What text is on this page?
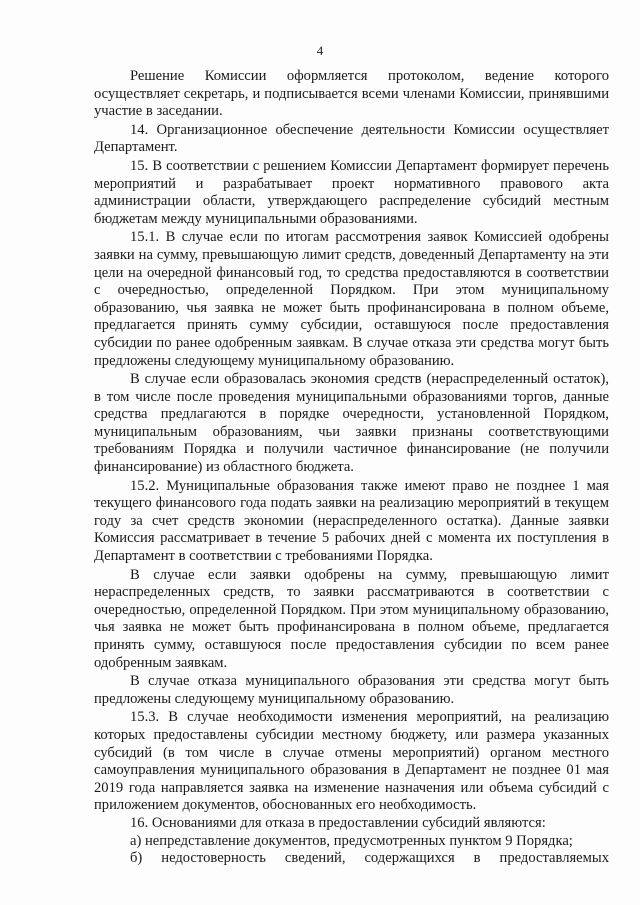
4

Решение Комиссии оформляется протоколом, ведение которого осуществляет секретарь, и подписывается всеми членами Комиссии, принявшими участие в заседании.

14. Организационное обеспечение деятельности Комиссии осуществляет Департамент.

15. В соответствии с решением Комиссии Департамент формирует перечень мероприятий и разрабатывает проект нормативного правового акта администрации области, утверждающего распределение субсидий местным бюджетам между муниципальными образованиями.

15.1. В случае если по итогам рассмотрения заявок Комиссией одобрены заявки на сумму, превышающую лимит средств, доведенный Департаменту на эти цели на очередной финансовый год, то средства предоставляются в соответствии с очередностью, определенной Порядком. При этом муниципальному образованию, чья заявка не может быть профинансирована в полном объеме, предлагается принять сумму субсидии, оставшуюся после предоставления субсидии по ранее одобренным заявкам. В случае отказа эти средства могут быть предложены следующему муниципальному образованию.

В случае если образовалась экономия средств (нераспределенный остаток), в том числе после проведения муниципальными образованиями торгов, данные средства предлагаются в порядке очередности, установленной Порядком, муниципальным образованиям, чьи заявки признаны соответствующими требованиям Порядка и получили частичное финансирование (не получили финансирование) из областного бюджета.

15.2. Муниципальные образования также имеют право не позднее 1 мая текущего финансового года подать заявки на реализацию мероприятий в текущем году за счет средств экономии (нераспределенного остатка). Данные заявки Комиссия рассматривает в течение 5 рабочих дней с момента их поступления в Департамент в соответствии с требованиями Порядка.

В случае если заявки одобрены на сумму, превышающую лимит нераспределенных средств, то заявки рассматриваются в соответствии с очередностью, определенной Порядком. При этом муниципальному образованию, чья заявка не может быть профинансирована в полном объеме, предлагается принять сумму, оставшуюся после предоставления субсидии по всем ранее одобренным заявкам.

В случае отказа муниципального образования эти средства могут быть предложены следующему муниципальному образованию.

15.3. В случае необходимости изменения мероприятий, на реализацию которых предоставлены субсидии местному бюджету, или размера указанных субсидий (в том числе в случае отмены мероприятий) органом местного самоуправления муниципального образования в Департамент не позднее 01 мая 2019 года направляется заявка на изменение назначения или объема субсидий с приложением документов, обоснованных его необходимость.

16. Основаниями для отказа в предоставлении субсидий являются:

а) непредставление документов, предусмотренных пунктом 9 Порядка;

б) недостоверность сведений, содержащихся в предоставляемых
